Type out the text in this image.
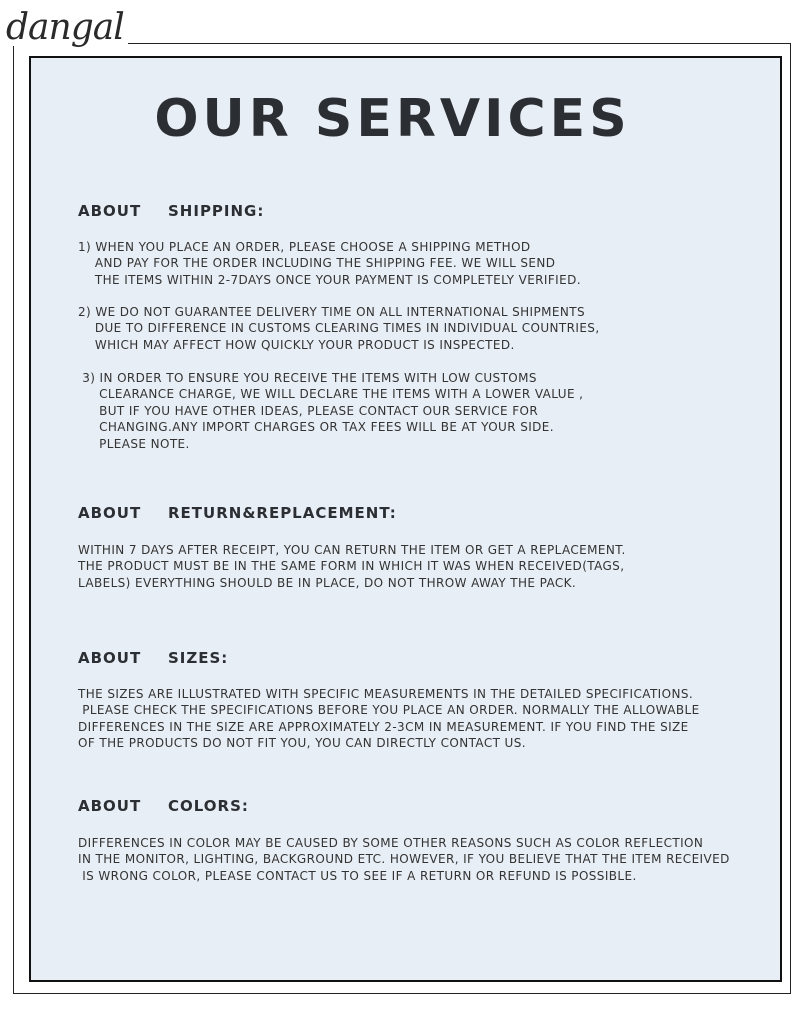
dangal
OUR SERVICES
ABOUT SHIPPING:

1) WHEN YOU PLACE AN ORDER, PLEASE CHOOSE A SHIPPING METHOD
AND PAY FOR THE ORDER INCLUDING THE SHIPPING FEE. WE WILL SEND
THE ITEMS WITHIN 2-7DAYS ONCE YOUR PAYMENT IS COMPLETELY VERIFIED.

2) WE DO NOT GUARANTEE DELIVERY TIME ON ALL INTERNATIONAL SHIPMENTS
DUE TO DIFFERENCE IN CUSTOMS CLEARING TIMES IN INDIVIDUAL COUNTRIES,
WHICH MAY AFFECT HOW QUICKLY YOUR PRODUCT IS INSPECTED.

3) IN ORDER TO ENSURE YOU RECEIVE THE ITEMS WITH LOW CUSTOMS
CLEARANCE CHARGE, WE WILL DECLARE THE ITEMS WITH A LOWER VALUE ,
BUT IF YOU HAVE OTHER IDEAS, PLEASE CONTACT OUR SERVICE FOR
CHANGING.ANY IMPORT CHARGES OR TAX FEES WILL BE AT YOUR SIDE.
PLEASE NOTE.

ABOUT RETURN&REPLACEMENT:

WITHIN 7 DAYS AFTER RECEIPT, YOU CAN RETURN THE ITEM OR GET A REPLACEMENT.
THE PRODUCT MUST BE IN THE SAME FORM IN WHICH IT WAS WHEN RECEIVED(TAGS,
LABELS) EVERYTHING SHOULD BE IN PLACE, DO NOT THROW AWAY THE PACK.

ABOUT SIZES:

THE SIZES ARE ILLUSTRATED WITH SPECIFIC MEASUREMENTS IN THE DETAILED SPECIFICATIONS.
PLEASE CHECK THE SPECIFICATIONS BEFORE YOU PLACE AN ORDER. NORMALLY THE ALLOWABLE
DIFFERENCES IN THE SIZE ARE APPROXIMATELY 2-3CM IN MEASUREMENT. IF YOU FIND THE SIZE
OF THE PRODUCTS DO NOT FIT YOU, YOU CAN DIRECTLY CONTACT US.

ABOUT COLORS:

DIFFERENCES IN COLOR MAY BE CAUSED BY SOME OTHER REASONS SUCH AS COLOR REFLECTION
IN THE MONITOR, LIGHTING, BACKGROUND ETC. HOWEVER, IF YOU BELIEVE THAT THE ITEM RECEIVED
IS WRONG COLOR, PLEASE CONTACT US TO SEE IF A RETURN OR REFUND IS POSSIBLE.
